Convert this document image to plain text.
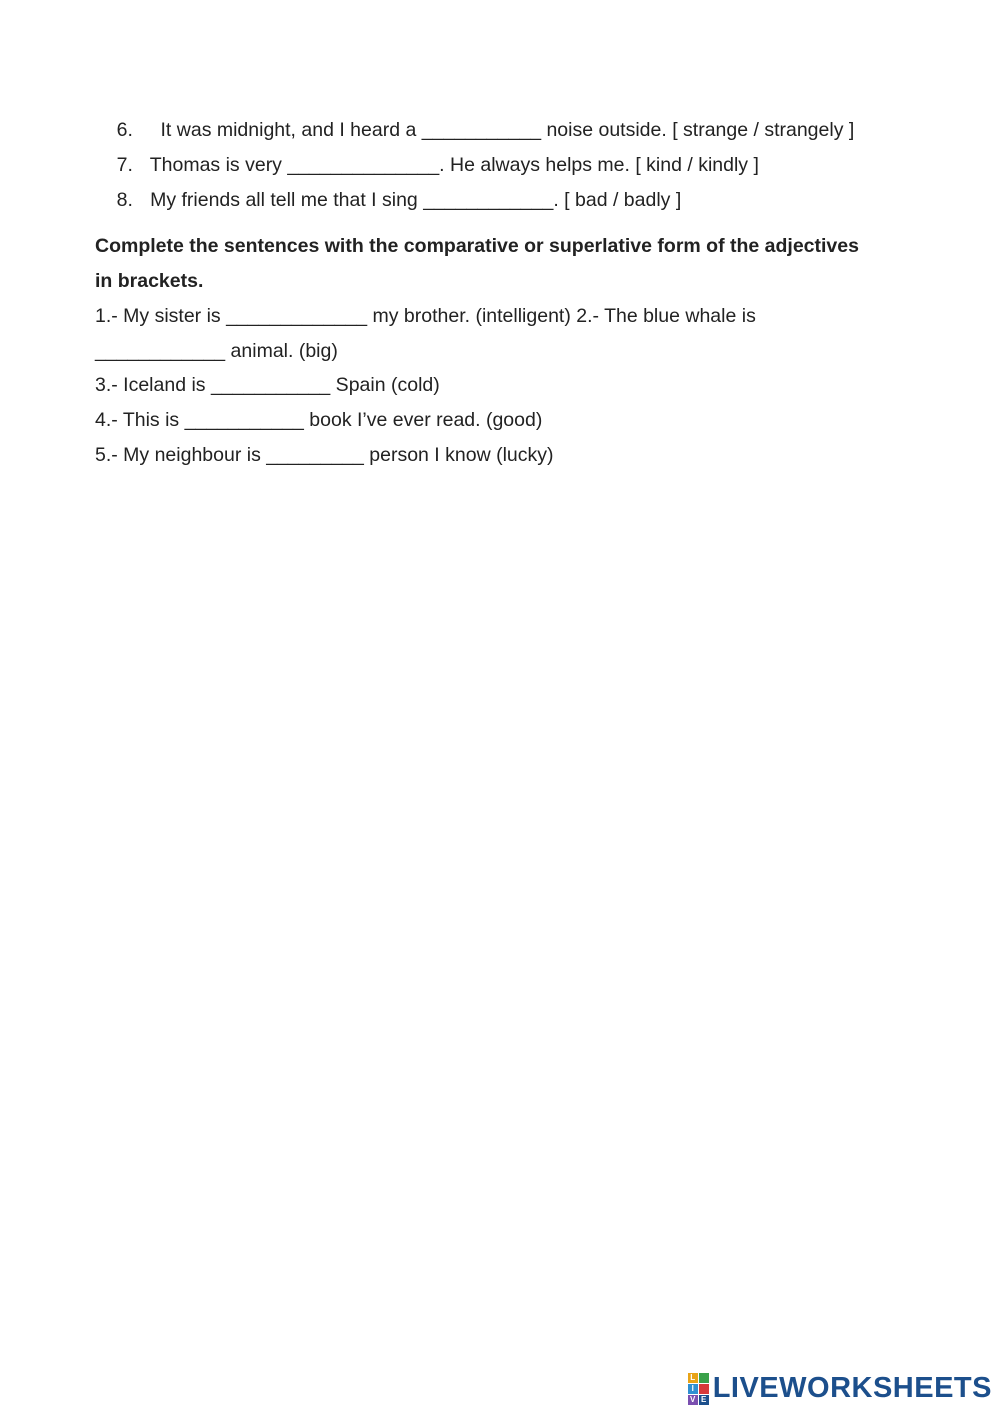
6.  It was midnight, and I heard a ___________ noise outside. [ strange / strangely ]

7. Thomas is very ______________. He always helps me. [ kind / kindly ]

8. My friends all tell me that I sing ____________. [ bad / badly ]

Complete the sentences with the comparative or superlative form of the adjectives
in brackets.
1.- My sister is _____________ my brother. (intelligent) 2.- The blue whale is
____________ animal. (big)
3.- Iceland is ___________ Spain (cold)
4.- This is ___________ book I’ve ever read. (good)
5.- My neighbour is _________ person I know (lucky)
L
I
V E LIVEWORKSHEETS
